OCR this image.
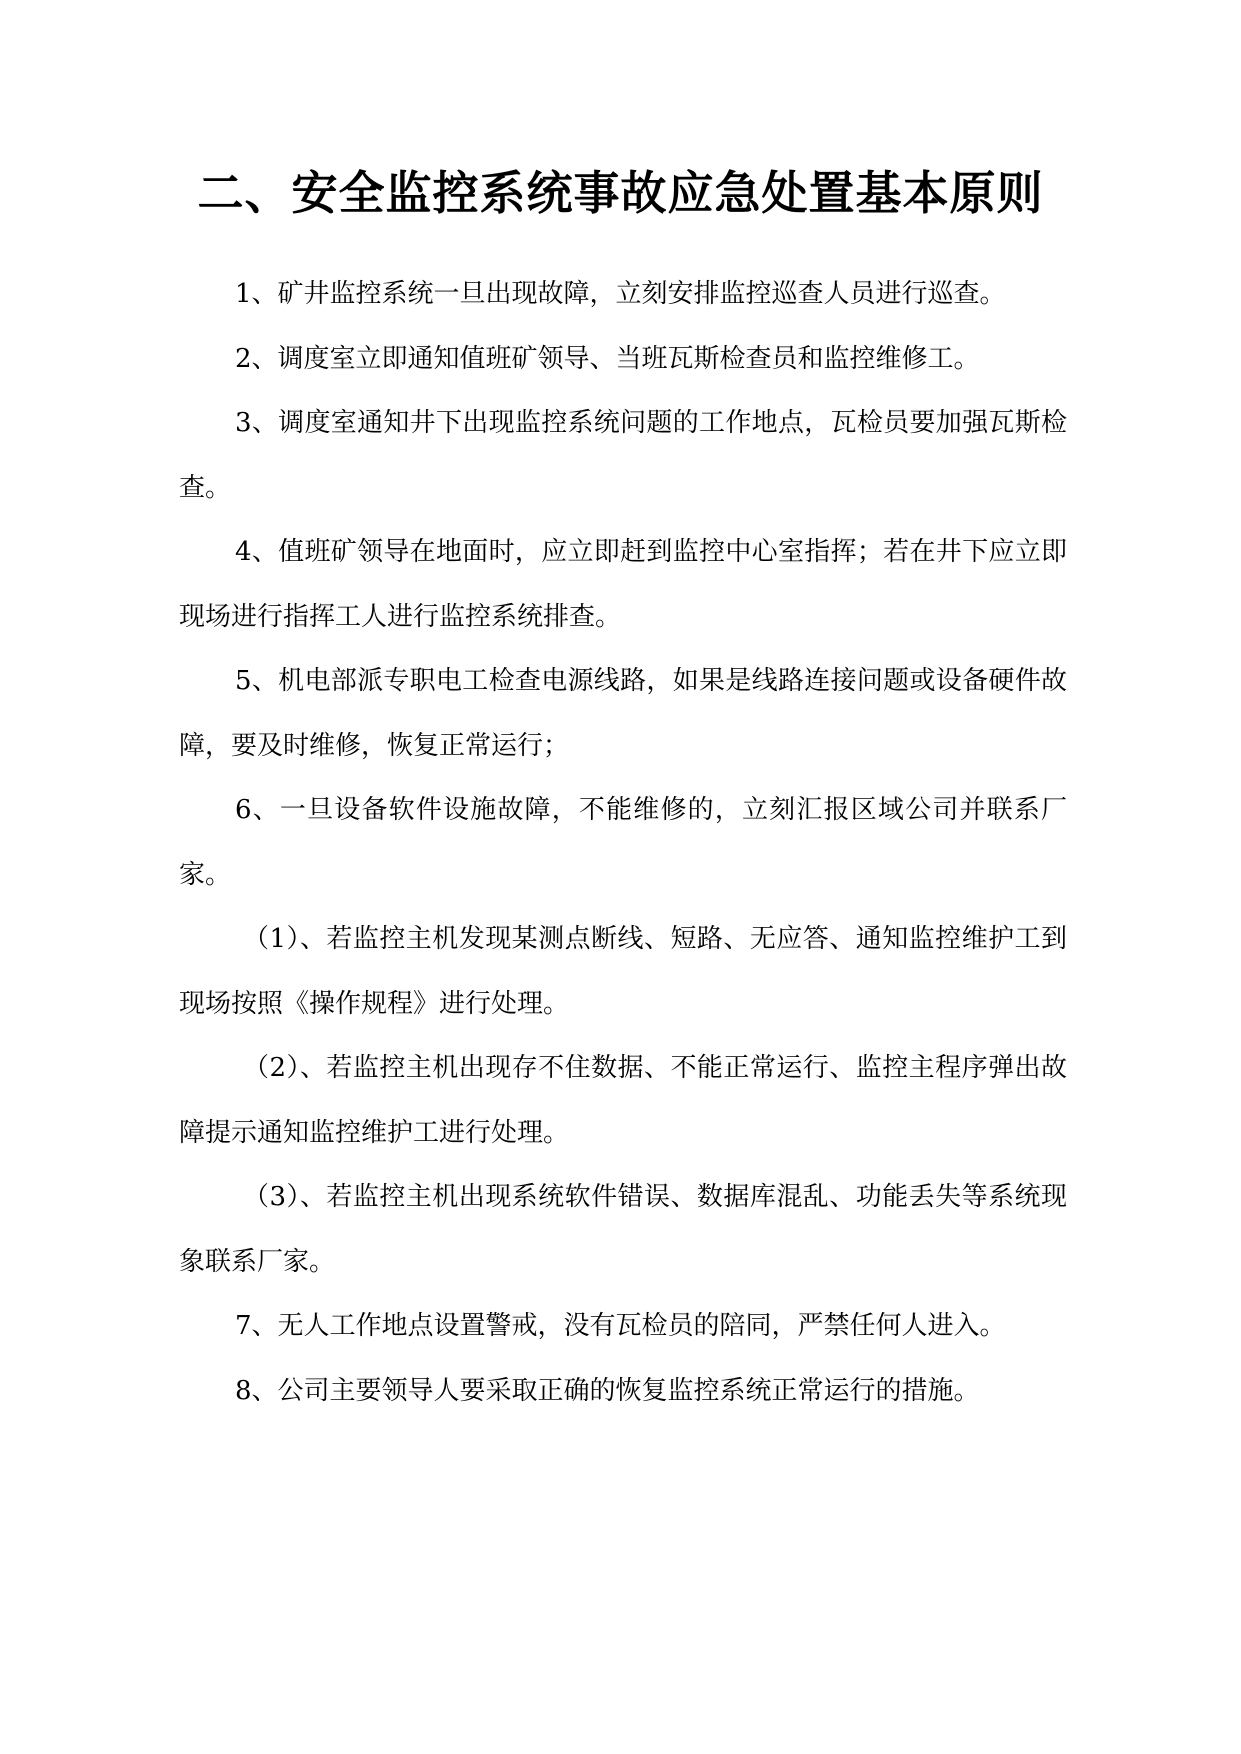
二、安全监控系统事故应急处置基本原则

1、矿井监控系统一旦出现故障，立刻安排监控巡查人员进行巡查。

2、调度室立即通知值班矿领导、当班瓦斯检查员和监控维修工。

3、调度室通知井下出现监控系统问题的工作地点，瓦检员要加强瓦斯检查。

4、值班矿领导在地面时，应立即赶到监控中心室指挥；若在井下应立即现场进行指挥工人进行监控系统排查。

5、机电部派专职电工检查电源线路，如果是线路连接问题或设备硬件故障，要及时维修，恢复正常运行；

6、一旦设备软件设施故障，不能维修的，立刻汇报区域公司并联系厂家。

（1）、若监控主机发现某测点断线、短路、无应答、通知监控维护工到现场按照《操作规程》进行处理。

（2）、若监控主机出现存不住数据、不能正常运行、监控主程序弹出故障提示通知监控维护工进行处理。

（3）、若监控主机出现系统软件错误、数据库混乱、功能丢失等系统现象联系厂家。

7、无人工作地点设置警戒，没有瓦检员的陪同，严禁任何人进入。

8、公司主要领导人要采取正确的恢复监控系统正常运行的措施。
